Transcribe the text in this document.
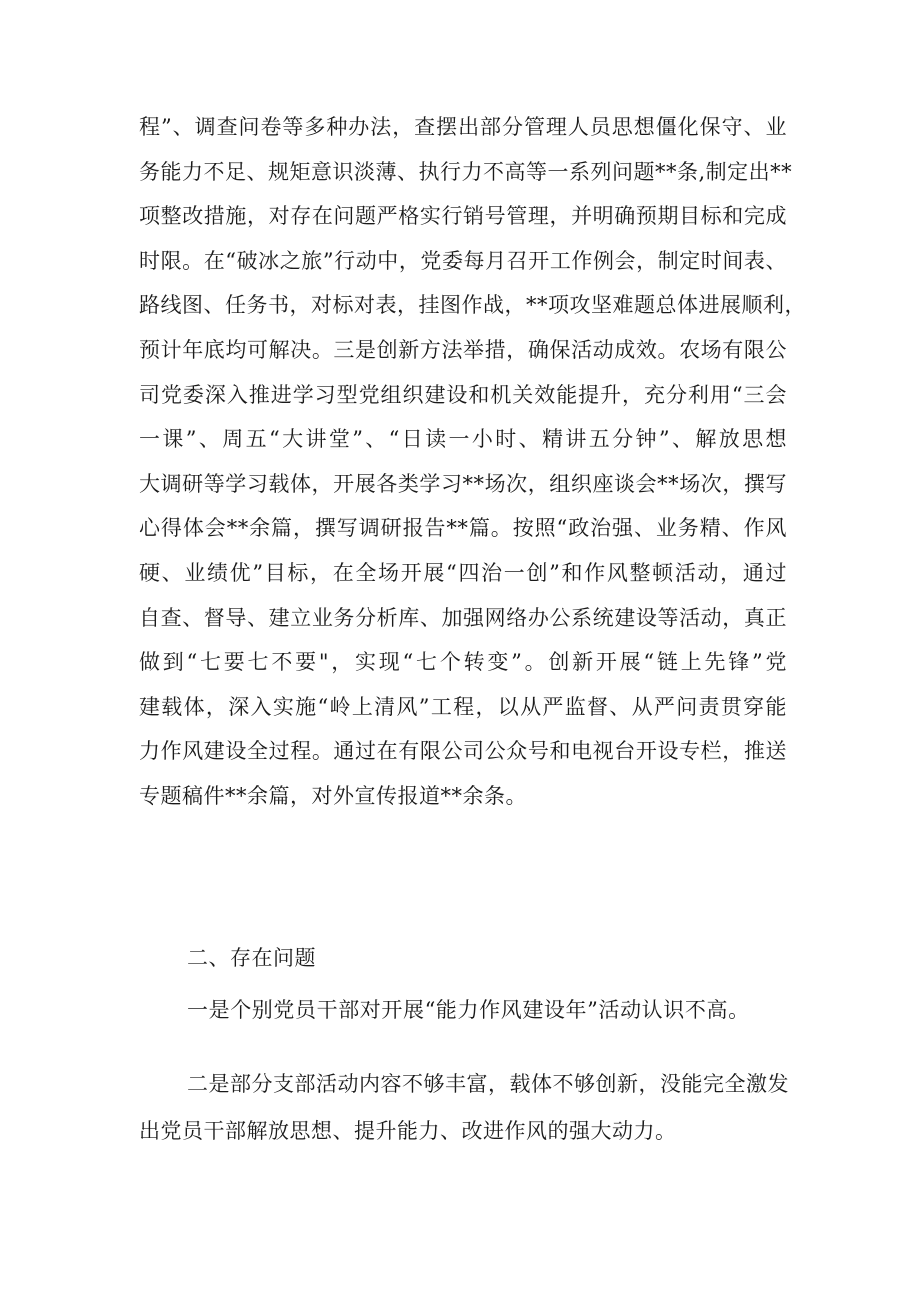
程”、调查问卷等多种办法，查摆出部分管理人员思想僵化保守、业
务能力不足、规矩意识淡薄、执行力不高等一系列问题**条,制定出**
项整改措施，对存在问题严格实行销号管理，并明确预期目标和完成
时限。在“破冰之旅”行动中，党委每月召开工作例会，制定时间表、
路线图、任务书，对标对表，挂图作战，**项攻坚难题总体进展顺利，
预计年底均可解决。三是创新方法举措，确保活动成效。农场有限公
司党委深入推进学习型党组织建设和机关效能提升，充分利用“三会
一课”、周五“大讲堂”、“日读一小时、精讲五分钟”、解放思想
大调研等学习载体，开展各类学习**场次，组织座谈会**场次，撰写
心得体会**余篇，撰写调研报告**篇。按照“政治强、业务精、作风
硬、业绩优”目标，在全场开展“四治一创”和作风整顿活动，通过
自查、督导、建立业务分析库、加强网络办公系统建设等活动，真正
做到“七要七不要"，实现“七个转变”。创新开展“链上先锋”党
建载体，深入实施“岭上清风”工程，以从严监督、从严问责贯穿能
力作风建设全过程。通过在有限公司公众号和电视台开设专栏，推送
专题稿件**余篇，对外宣传报道**余条。
二、存在问题
一是个别党员干部对开展“能力作风建设年”活动认识不高。
二是部分支部活动内容不够丰富，载体不够创新，没能完全激发
出党员干部解放思想、提升能力、改进作风的强大动力。
